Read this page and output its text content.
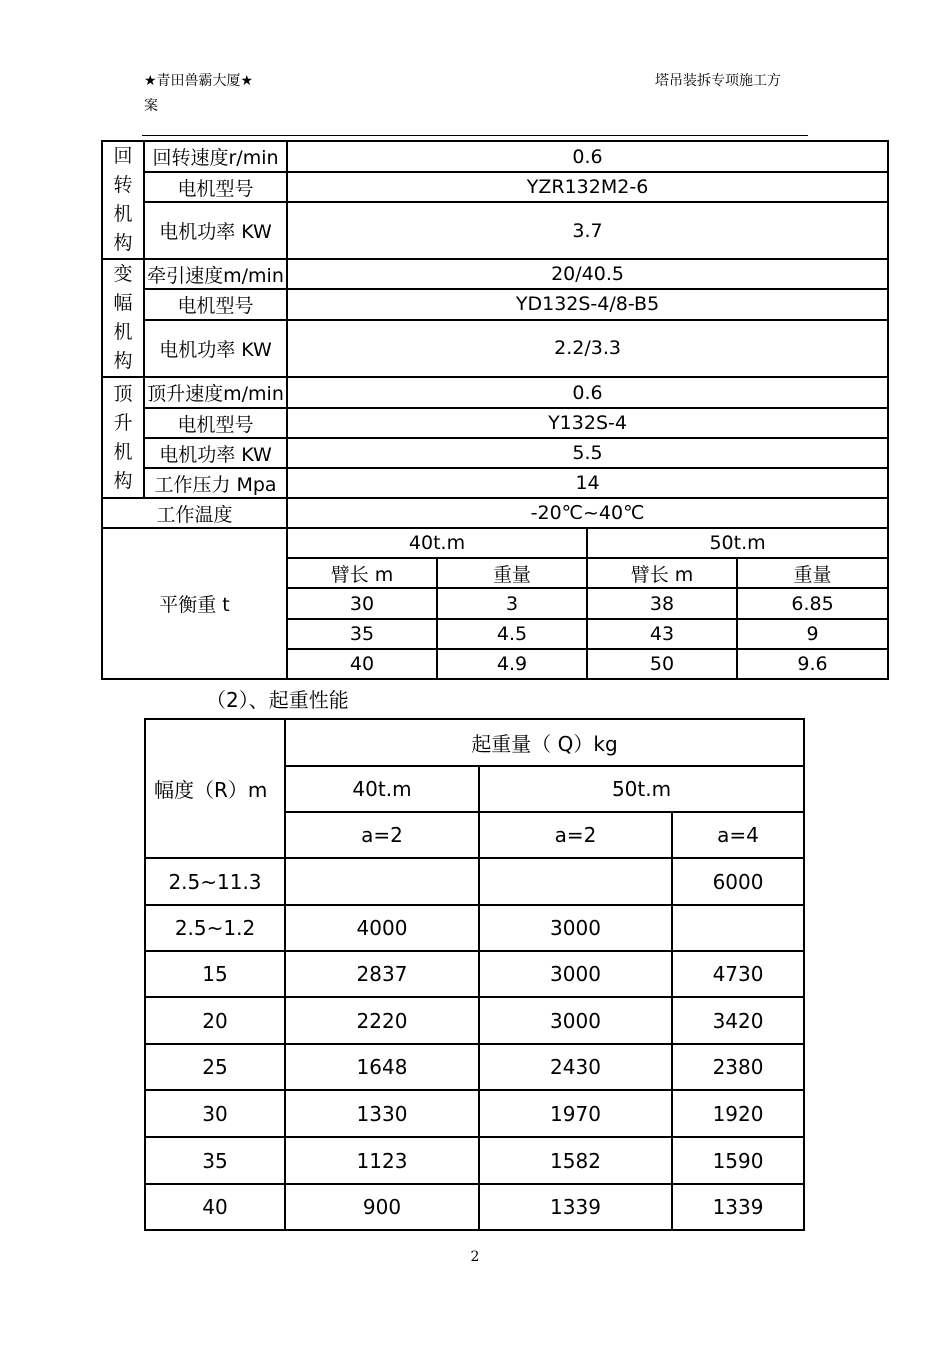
★青田兽霸大厦★
案
塔吊装拆专项施工方
回
转
机
构	回转速度r/min	0.6			
	电机型号	YZR132M2-6			
	电机功率 KW	3.7			
变
幅
机
构	牵引速度m/min	20/40.5			
	电机型号	YD132S-4/8-B5			
	电机功率 KW	2.2/3.3			
顶
升
机
构	顶升速度m/min	0.6			
	电机型号	Y132S-4			
	电机功率 KW	5.5			
	工作压力 Mpa	14			
工作温度		-20℃~40℃			
平衡重 t		40t.m		50t.m	
		臂长 m	重量	臂长 m	重量
		30	3	38	6.85
		35	4.5	43	9
		40	4.9	50	9.6
（2）、起重性能
幅度（R）m	起重量（ Q）kg		
	40t.m	50t.m	
	a=2	a=2	a=4
2.5~11.3			6000
2.5~1.2	4000	3000	
15	2837	3000	4730
20	2220	3000	3420
25	1648	2430	2380
30	1330	1970	1920
35	1123	1582	1590
40	900	1339	1339
2
